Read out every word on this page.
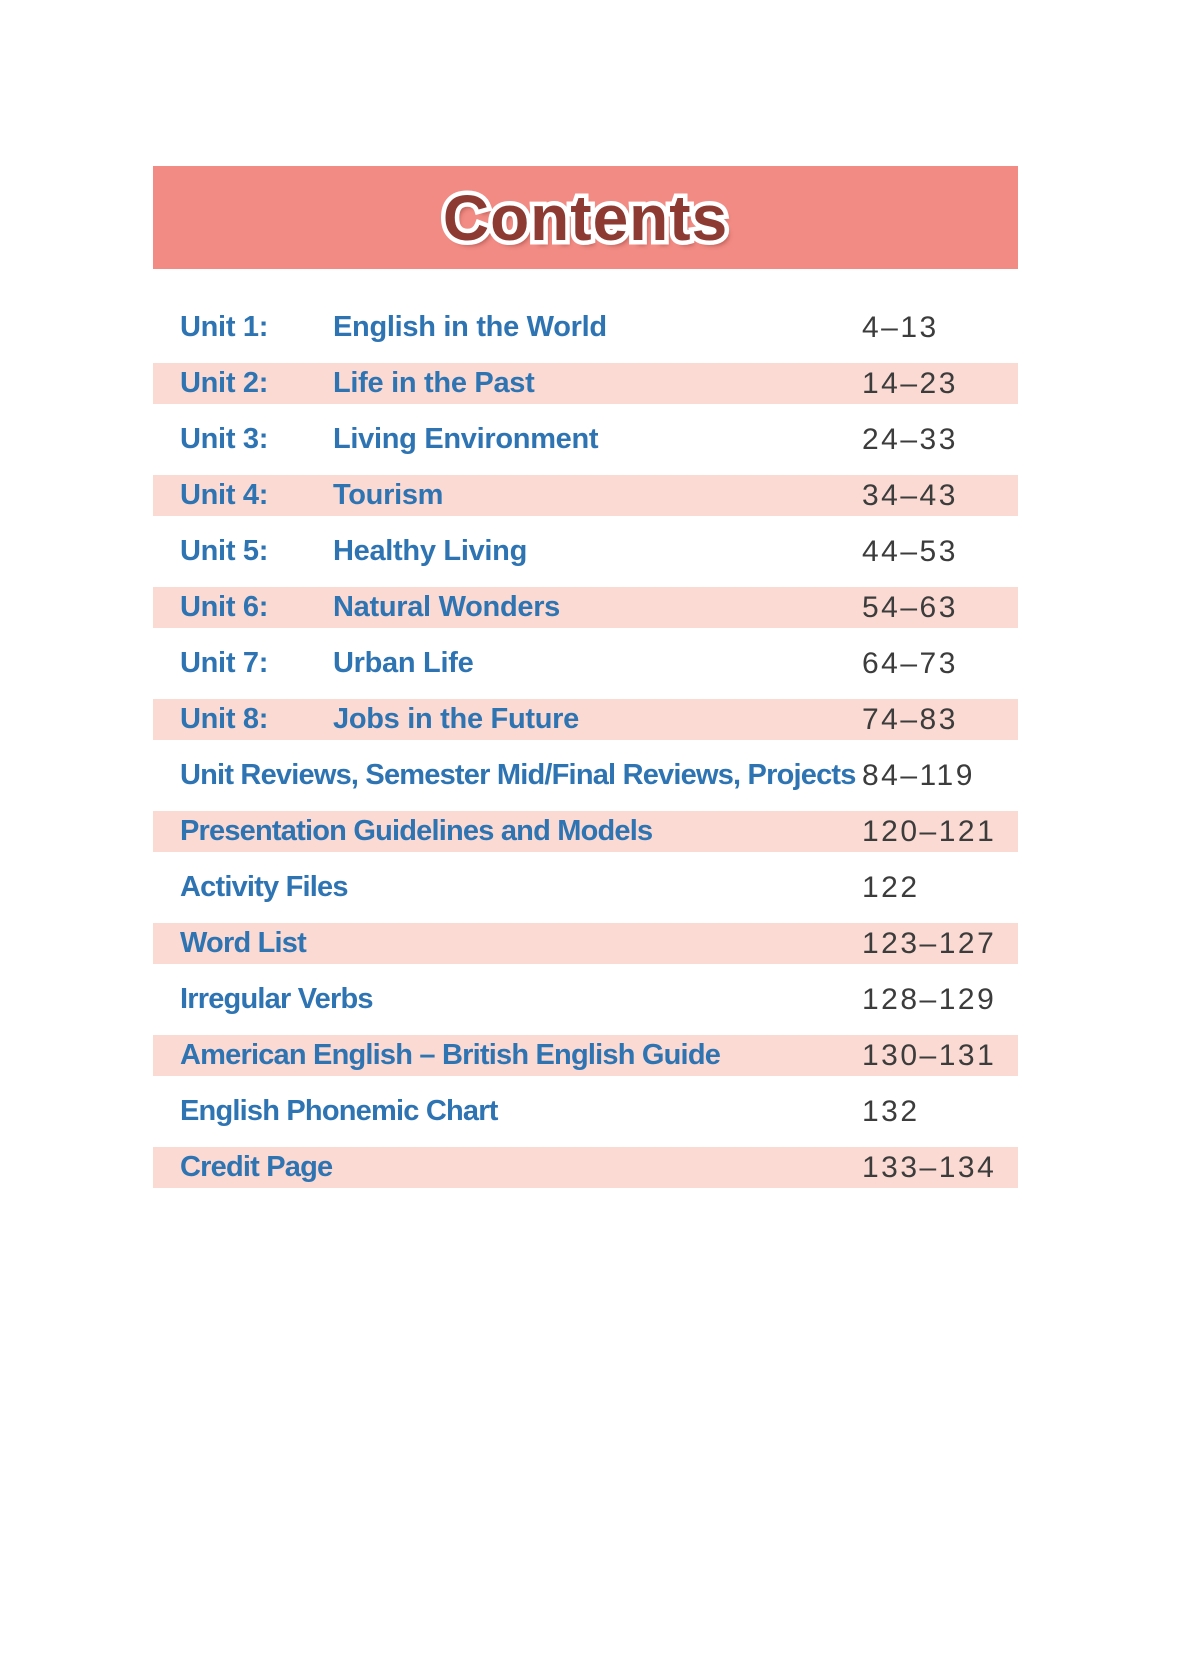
Contents Contents
Unit 1:	English in the World	4–13
Unit 2:	Life in the Past	14–23
Unit 3:	Living Environment	24–33
Unit 4:	Tourism	34–43
Unit 5:	Healthy Living	44–53
Unit 6:	Natural Wonders	54–63
Unit 7:	Urban Life	64–73
Unit 8:	Jobs in the Future	74–83
Unit Reviews, Semester Mid/Final Reviews, Projects 84–119
Presentation Guidelines and Models	120–121
Activity Files	122
Word List	123–127
Irregular Verbs	128–129
American English – British English Guide	130–131
English Phonemic Chart	132
Credit Page	133–134
